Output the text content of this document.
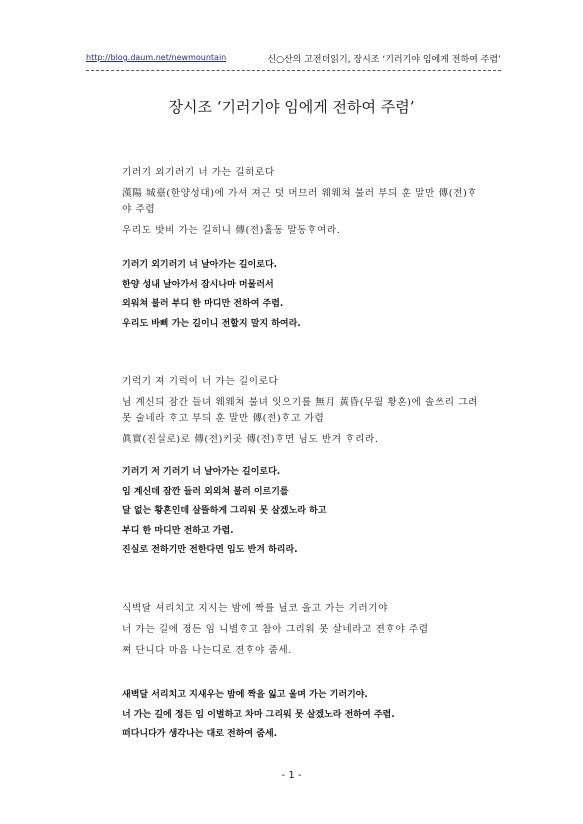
http://blog.daum.net/newmountain	신○산의 고전더읽기, 장시조 ‘기러기야 임에게 전하여 주렴’
장시조 ‘기러기야 임에게 전하여 주렴’
기러기 외기러기 너 가는 길히로다
漢陽 城臺(한양성대)에 가셔 져근 덧 머므러 웨웨쳐 불러 부듸 훈 말만 傳(전)ᄒᆞ야 주렴
우리도 밧비 가는 길히니 傳(전)홀동 말동ᄒᆞ여라.
기러기 외기러기 너 날아가는 길이로다.
한양 성내 날아가서 잠시나마 머물러서
외워쳐 불러 부디 한 마디만 전하여 주렴.
우리도 바삐 가는 길이니 전할지 말지 하여라.
기럭기 져 기럭이 너 가는 길이로다
님 계신듸 잠간 들녀 웨웨쳐 불녀 잇으기를 無月 黃昏(무월 황혼)에 솔쓰리 그려 못 술네라 ᄒᆞ고 부듸 훈 말만 傳(전)ᄒᆞ고 가렴
眞實(진실로)로 傳(전)키곳 傳(전)ᄒᆞ면 님도 반겨 ᄒᆞ리라.
기러기 저 기러기 너 날아가는 길이로다.
임 계신데 잠깐 들러 외외쳐 불러 이르기를
달 없는 황혼인데 살뜰하게 그리워 못 살겠노라 하고
부디 한 마디만 전하고 가렴.
진실로 전하기만 전한다면 임도 반겨 하리라.
식벽달 셔리치고 지시는 밤에 짝를 닐코 올고 가는 기러기야
너 가는 길에 졍든 임 니별ᄒᆞ고 참아 그리워 못 살네라고 젼ᄒᆞ야 주렴
쪄 단니다 마음 나는디로 젼ᄒᆞ야 줌세.
새벽달 서리치고 지새우는 밤에 짝을 잃고 울며 가는 기러기야.
너 가는 길에 정든 임 이별하고 차마 그리워 못 살겠노라 전하여 주렴.
떠다니다가 생각나는 대로 전하여 줌세.
- 1 -
